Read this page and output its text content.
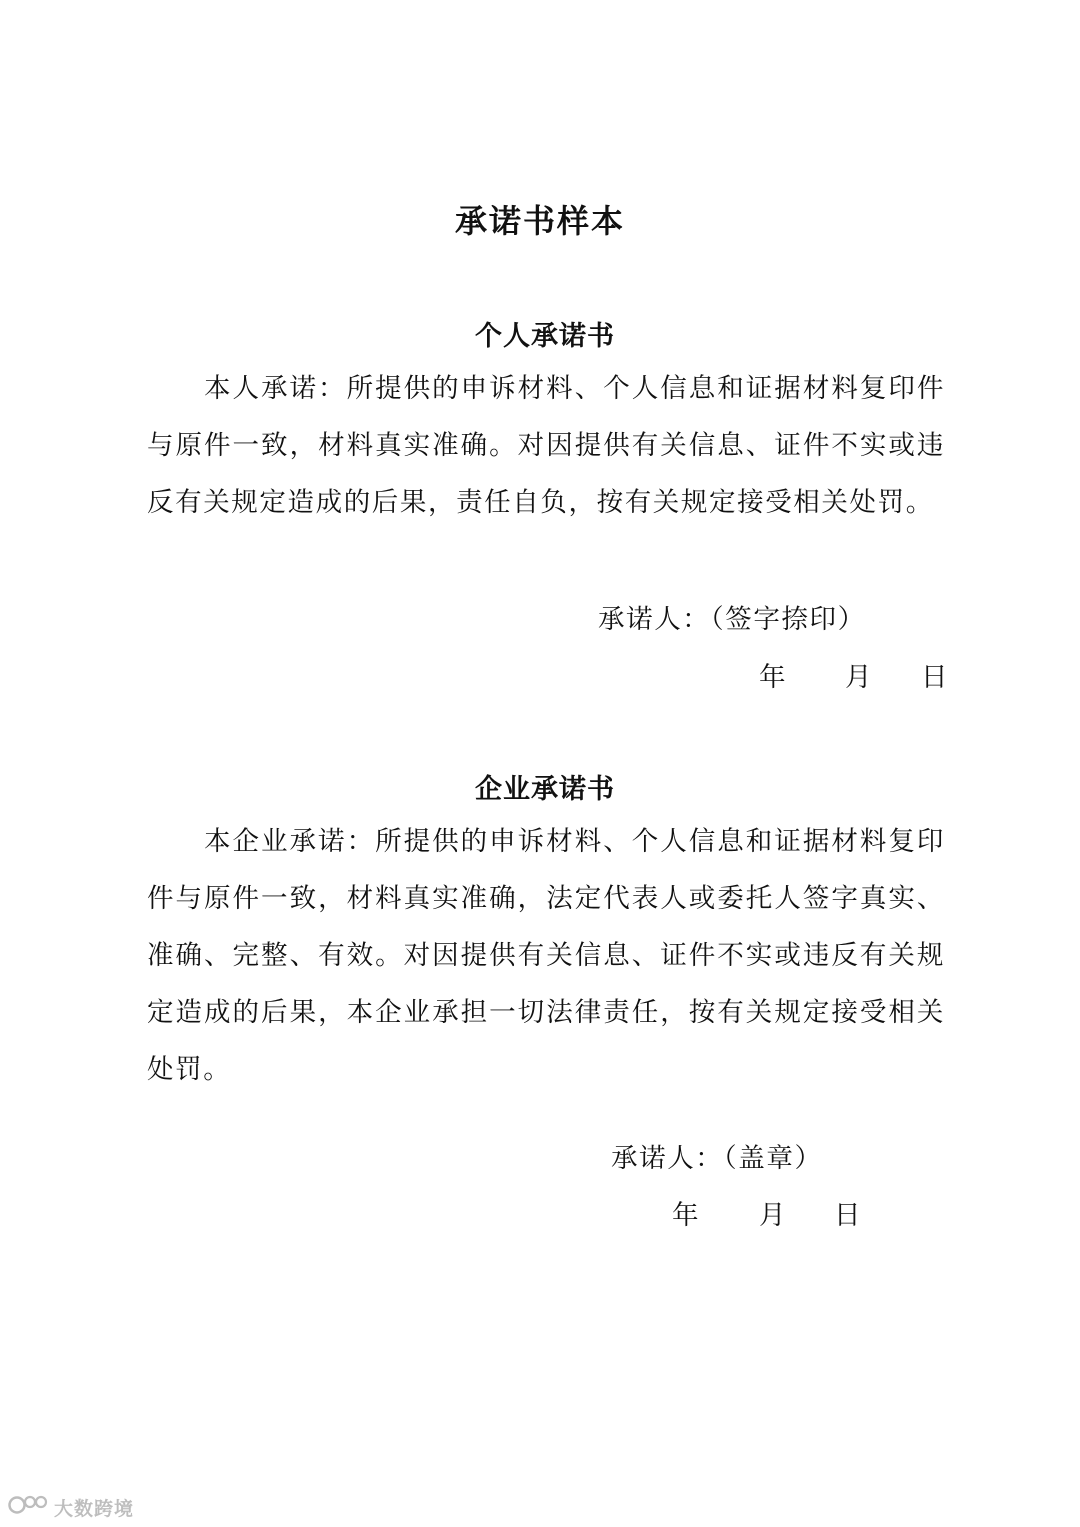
承诺书样本
个人承诺书

本人承诺：所提供的申诉材料、个人信息和证据材料复印件与原件一致，材料真实准确。对因提供有关信息、证件不实或违反有关规定造成的后果，责任自负，按有关规定接受相关处罚。

承诺人：（签字捺印）
年 月 日
企业承诺书

本企业承诺：所提供的申诉材料、个人信息和证据材料复印件与原件一致，材料真实准确，法定代表人或委托人签字真实、准确、完整、有效。对因提供有关信息、证件不实或违反有关规定造成的后果，本企业承担一切法律责任，按有关规定接受相关处罚。

承诺人：（盖章）
年 月 日
大数跨境
